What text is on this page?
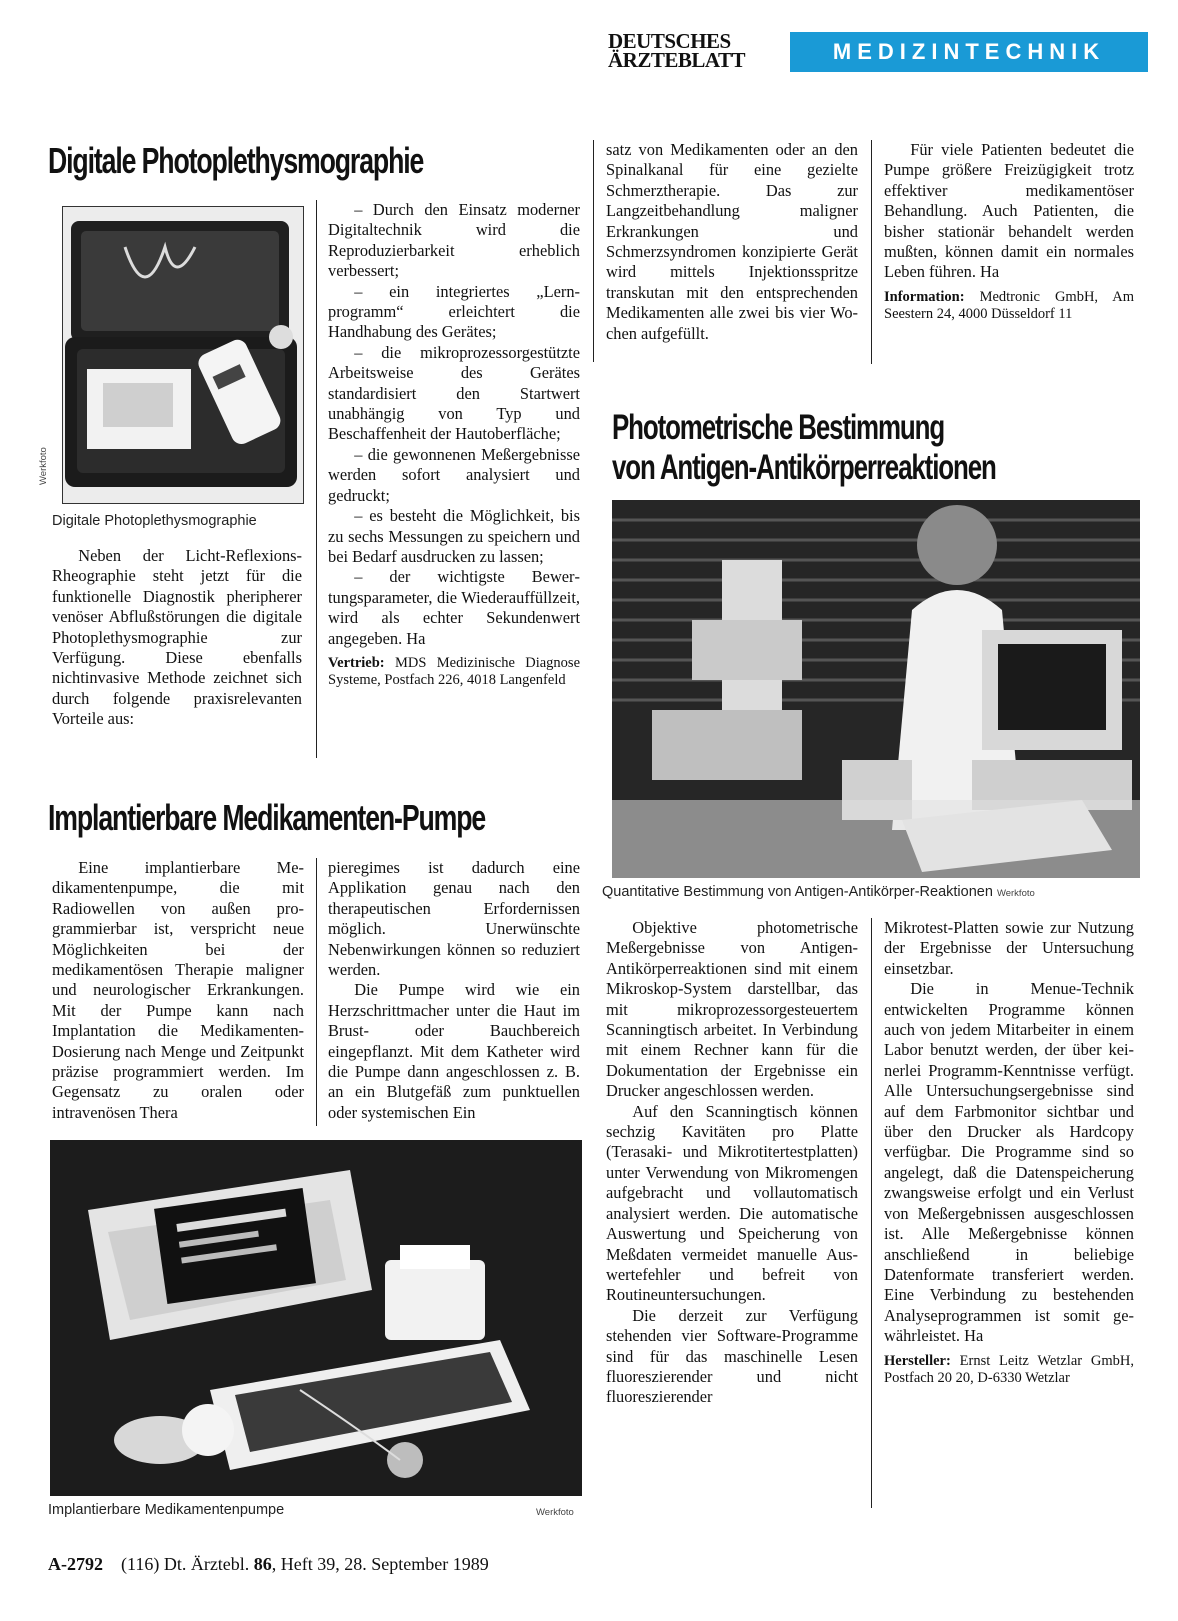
DEUTSCHES
ÄRZTEBLATT	MEDIZINTECHNIK
Digitale Photoplethysmographie
Werkfoto
Digitale Photoplethysmographie

Neben der Licht-Reflexions-Rheographie steht jetzt für die funktionelle Diagnostik pheripherer venöser Abflußstörungen die digitale Photoplethysmographie zur Verfügung. Diese ebenfalls nichtinvasive Methode zeichnet sich durch folgende praxisrelevanten Vorteile aus:

– Durch den Einsatz moderner Digitaltechnik wird die Reproduzierbarkeit erheblich verbessert;

– ein integriertes „Lernprogramm“ erleichtert die Handhabung des Gerätes;

– die mikroprozessorgestützte Arbeitsweise des Gerätes standardisiert den Startwert unabhängig von Typ und Beschaffenheit der Hautoberfläche;

– die gewonnenen Meßergebnisse werden sofort analysiert und gedruckt;

– es besteht die Möglichkeit, bis zu sechs Messungen zu speichern und bei Bedarf ausdrucken zu lassen;

– der wichtigste Bewertungsparameter, die Wiederauffüllzeit, wird als echter Sekundenwert angegeben. Ha

Vertrieb: MDS Medizinische Diagnose Systeme, Postfach 226, 4018 Langenfeld

Implantierbare Medikamenten-Pumpe

Eine implantierbare Medikamentenpumpe, die mit Radiowellen von außen programmierbar ist, verspricht neue Möglichkeiten bei der medikamentösen Therapie maligner und neurologischer Erkrankungen. Mit der Pumpe kann nach Implantation die Medikamenten-Dosierung nach Menge und Zeitpunkt präzise programmiert werden. Im Gegensatz zu oralen oder intravenösen Thera

pieregimes ist dadurch eine Applikation genau nach den therapeutischen Erfordernissen möglich. Unerwünschte Nebenwirkungen können so reduziert werden.

Die Pumpe wird wie ein Herzschrittmacher unter die Haut im Brust- oder Bauchbereich eingepflanzt. Mit dem Katheter wird die Pumpe dann angeschlossen z. B. an ein Blutgefäß zum punktuellen oder systemischen Ein

satz von Medikamenten oder an den Spinalkanal für eine gezielte Schmerztherapie. Das zur Langzeitbehandlung maligner Erkrankungen und Schmerzsyndromen konzipierte Gerät wird mittels Injektionsspritze transkutan mit den entsprechenden Medikamenten alle zwei bis vier Wochen aufgefüllt.

Für viele Patienten bedeutet die Pumpe größere Freizügigkeit trotz effektiver medikamentöser Behandlung. Auch Patienten, die bisher stationär behandelt werden mußten, können damit ein normales Leben führen. Ha

Information: Medtronic GmbH, Am Seestern 24, 4000 Düsseldorf 11

Implantierbare Medikamentenpumpe	Werkfoto
Photometrische Bestimmung
von Antigen-Antikörperreaktionen
Quantitative Bestimmung von Antigen-Antikörper-Reaktionen Werkfoto

Objektive photometrische Meßergebnisse von Antigen-Antikörperreaktionen sind mit einem Mikroskop-System darstellbar, das mit mikroprozessorgesteuertem Scanningtisch arbeitet. In Verbindung mit einem Rechner kann für die Dokumentation der Ergebnisse ein Drucker angeschlossen werden.

Auf den Scanningtisch können sechzig Kavitäten pro Platte (Terasaki- und Mikrotitertestplatten) unter Verwendung von Mikromengen aufgebracht und vollautomatisch analysiert werden. Die automatische Auswertung und Speicherung von Meßdaten vermeidet manuelle Auswertefehler und befreit von Routineuntersuchungen.

Die derzeit zur Verfügung stehenden vier Software-Programme sind für das maschinelle Lesen fluoreszierender und nicht fluoreszierender

Mikrotest-Platten sowie zur Nutzung der Ergebnisse der Untersuchung einsetzbar.

Die in Menue-Technik entwickelten Programme können auch von jedem Mitarbeiter in einem Labor benutzt werden, der über keinerlei Programm-Kenntnisse verfügt. Alle Untersuchungsergebnisse sind auf dem Farbmonitor sichtbar und über den Drucker als Hardcopy verfügbar. Die Programme sind so angelegt, daß die Datenspeicherung zwangsweise erfolgt und ein Verlust von Meßergebnissen ausgeschlossen ist. Alle Meßergebnisse können anschließend in beliebige Datenformate transferiert werden. Eine Verbindung zu bestehenden Analyseprogrammen ist somit gewährleistet. Ha

Hersteller: Ernst Leitz Wetzlar GmbH, Postfach 20 20, D-6330 Wetzlar

A-2792 (116) Dt. Ärztebl. 86, Heft 39, 28. September 1989
